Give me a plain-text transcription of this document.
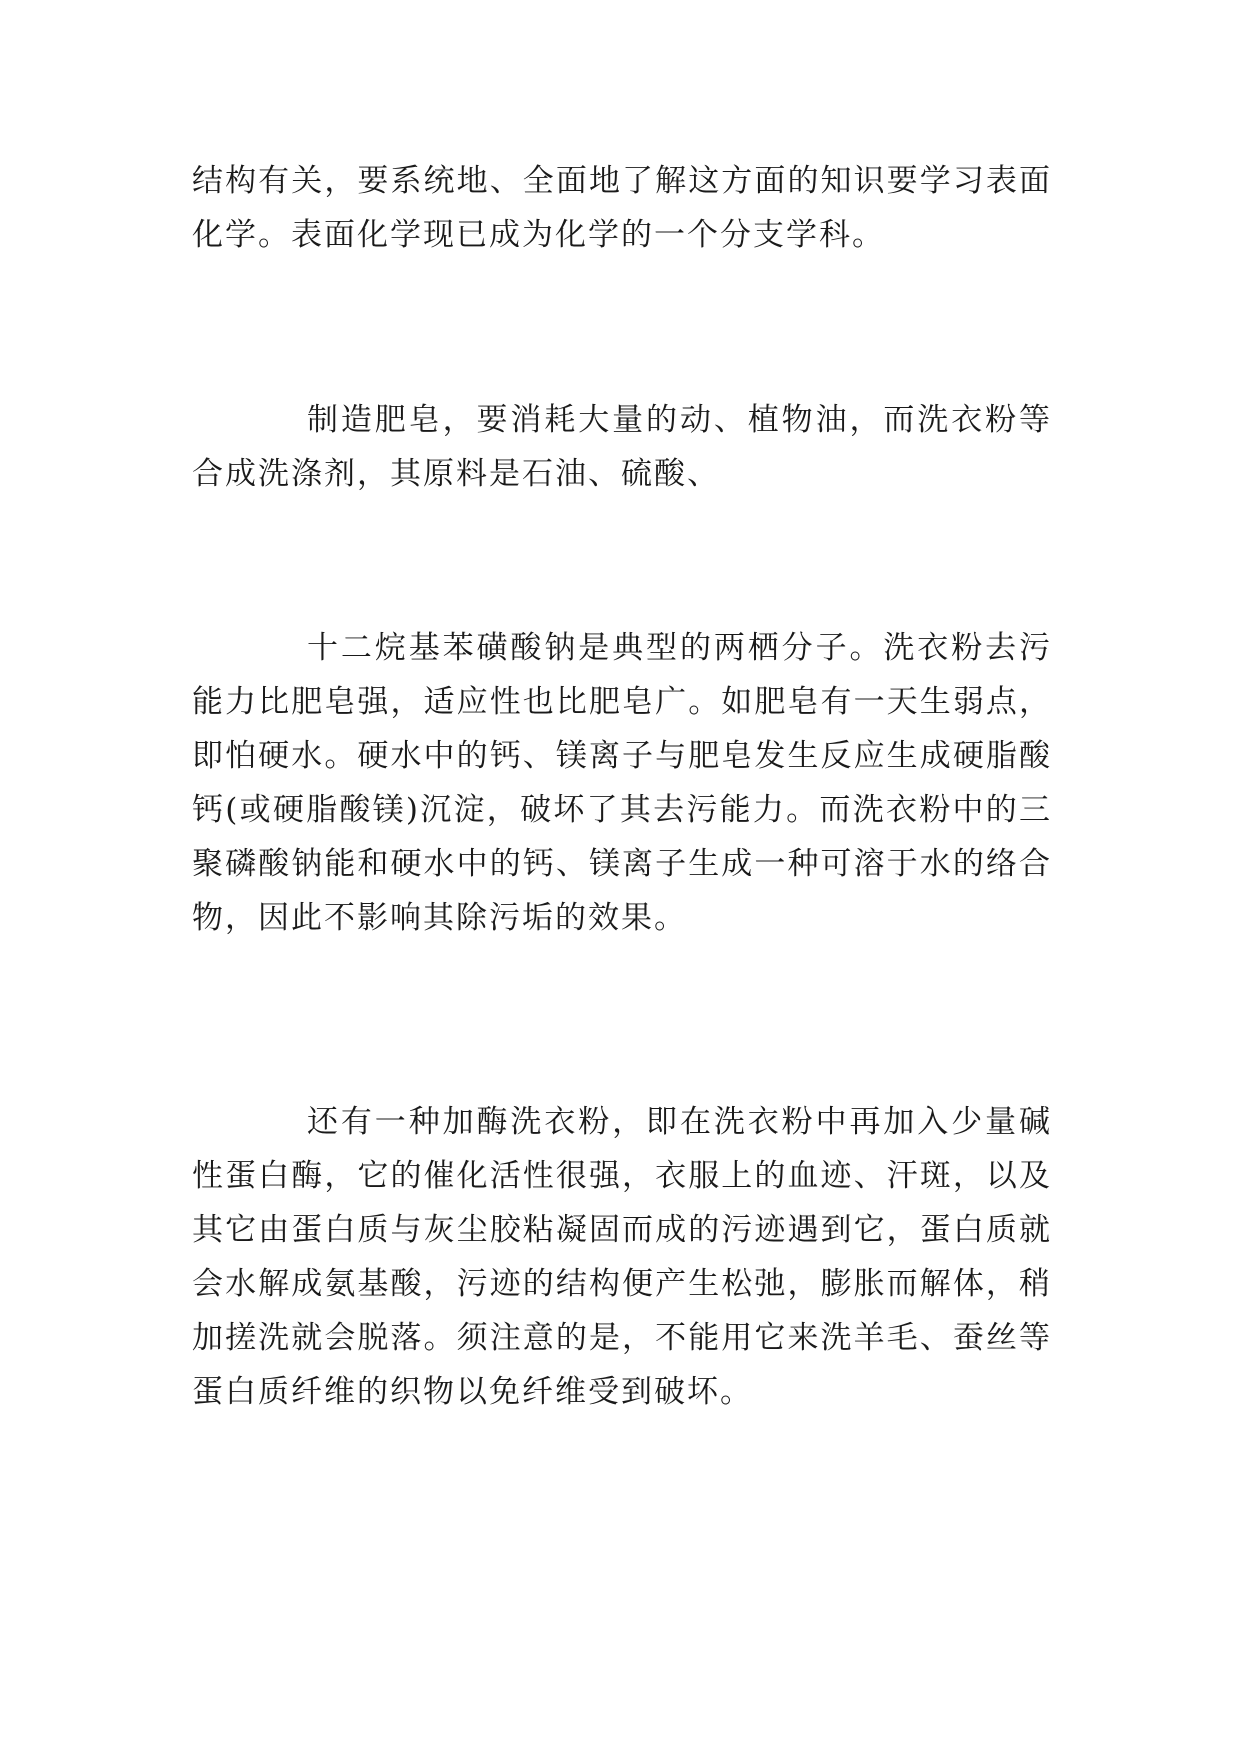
结构有关，要系统地、全面地了解这方面的知识要学习表面化学。表面化学现已成为化学的一个分支学科。

制造肥皂，要消耗大量的动、植物油，而洗衣粉等合成洗涤剂，其原料是石油、硫酸、

十二烷基苯磺酸钠是典型的两栖分子。洗衣粉去污能力比肥皂强，适应性也比肥皂广。如肥皂有一天生弱点，即怕硬水。硬水中的钙、镁离子与肥皂发生反应生成硬脂酸钙(或硬脂酸镁)沉淀，破坏了其去污能力。而洗衣粉中的三聚磷酸钠能和硬水中的钙、镁离子生成一种可溶于水的络合物，因此不影响其除污垢的效果。

还有一种加酶洗衣粉，即在洗衣粉中再加入少量碱性蛋白酶，它的催化活性很强，衣服上的血迹、汗斑，以及其它由蛋白质与灰尘胶粘凝固而成的污迹遇到它，蛋白质就会水解成氨基酸，污迹的结构便产生松弛，膨胀而解体，稍加搓洗就会脱落。须注意的是，不能用它来洗羊毛、蚕丝等蛋白质纤维的织物以免纤维受到破坏。
